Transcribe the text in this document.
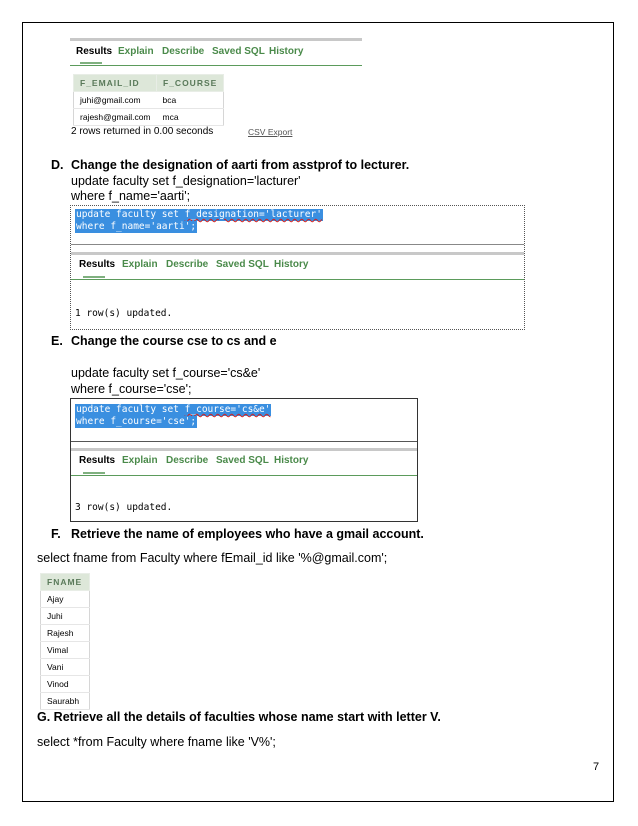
Results Explain Describe Saved SQL History
F_EMAIL_ID	F_COURSE
juhi@gmail.com	bca
rajesh@gmail.com	mca
2 rows returned in 0.00 seconds	CSV Export
D. Change the designation of aarti from asstprof to lecturer.
update faculty set f_designation='lacturer'
where f_name='aarti';
update faculty set f_designation='lacturer'
where f_name='aarti';
Results Explain Describe Saved SQL History
1 row(s) updated.
E. Change the course cse to cs and e
update faculty set f_course='cs&e'
where f_course='cse';
update faculty set f_course='cs&e'
where f_course='cse';
Results Explain Describe Saved SQL History
3 row(s) updated.
F. Retrieve the name of employees who have a gmail account.
select fname from Faculty where fEmail_id like '%@gmail.com';
FNAME
Ajay
Juhi
Rajesh
Vimal
Vani
Vinod
Saurabh
G. Retrieve all the details of faculties whose name start with letter V.
select *from Faculty where fname like 'V%';
7
